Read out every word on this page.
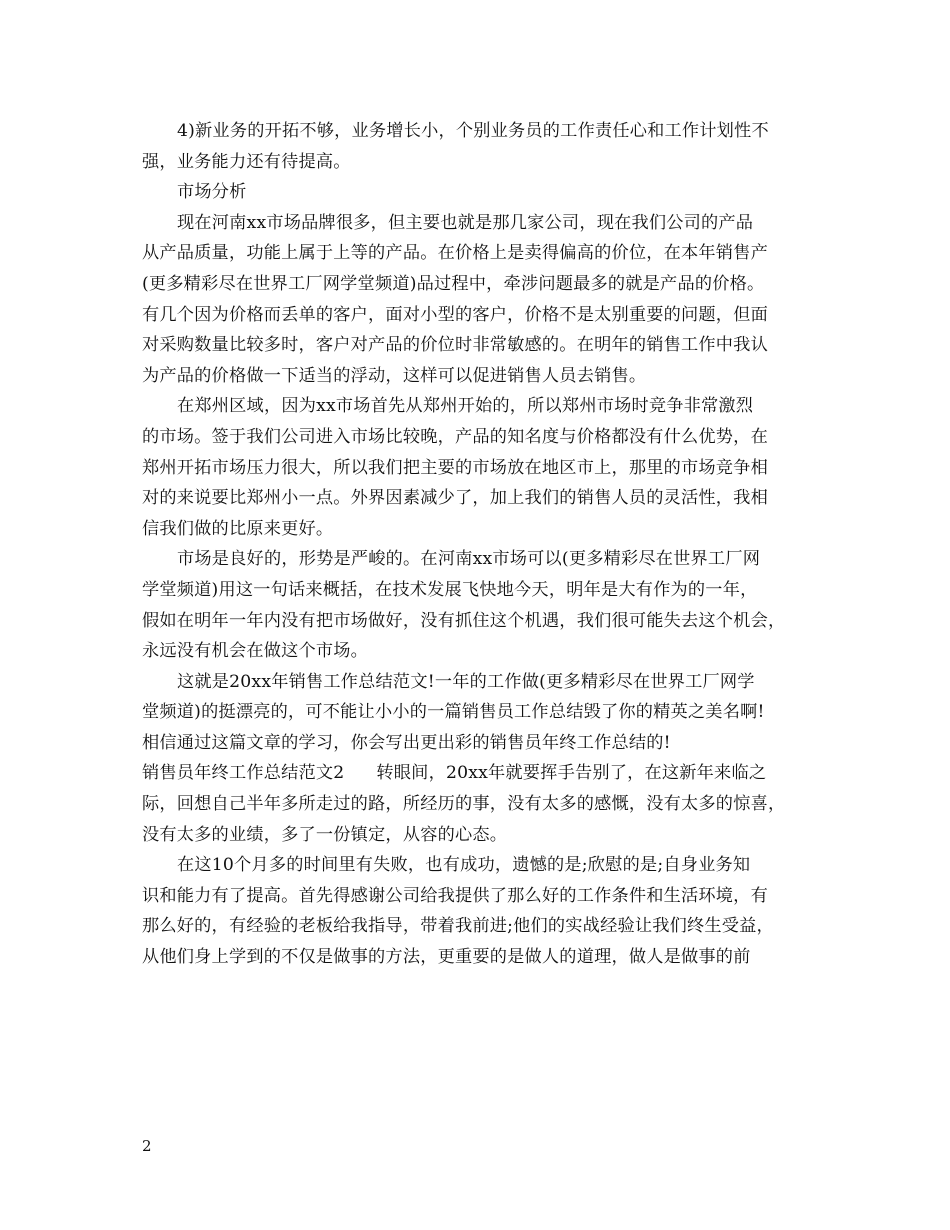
4)新业务的开拓不够，业务增长小，个别业务员的工作责任心和工作计划性不
强，业务能力还有待提高。
市场分析
现在河南xx市场品牌很多，但主要也就是那几家公司，现在我们公司的产品
从产品质量，功能上属于上等的产品。在价格上是卖得偏高的价位，在本年销售产
(更多精彩尽在世界工厂网学堂频道)品过程中，牵涉问题最多的就是产品的价格。
有几个因为价格而丢单的客户，面对小型的客户，价格不是太别重要的问题，但面
对采购数量比较多时，客户对产品的价位时非常敏感的。在明年的销售工作中我认
为产品的价格做一下适当的浮动，这样可以促进销售人员去销售。
在郑州区域，因为xx市场首先从郑州开始的，所以郑州市场时竞争非常激烈
的市场。签于我们公司进入市场比较晚，产品的知名度与价格都没有什么优势，在
郑州开拓市场压力很大，所以我们把主要的市场放在地区市上，那里的市场竞争相
对的来说要比郑州小一点。外界因素减少了，加上我们的销售人员的灵活性，我相
信我们做的比原来更好。
市场是良好的，形势是严峻的。在河南xx市场可以(更多精彩尽在世界工厂网
学堂频道)用这一句话来概括，在技术发展飞快地今天，明年是大有作为的一年，
假如在明年一年内没有把市场做好，没有抓住这个机遇，我们很可能失去这个机会，
永远没有机会在做这个市场。
这就是20xx年销售工作总结范文!一年的工作做(更多精彩尽在世界工厂网学
堂频道)的挺漂亮的，可不能让小小的一篇销售员工作总结毁了你的精英之美名啊!
相信通过这篇文章的学习，你会写出更出彩的销售员年终工作总结的!
销售员年终工作总结范文2 转眼间，20xx年就要挥手告别了，在这新年来临之
际，回想自己半年多所走过的路，所经历的事，没有太多的感慨，没有太多的惊喜，
没有太多的业绩，多了一份镇定，从容的心态。
在这10个月多的时间里有失败，也有成功，遗憾的是;欣慰的是;自身业务知
识和能力有了提高。首先得感谢公司给我提供了那么好的工作条件和生活环境，有
那么好的，有经验的老板给我指导，带着我前进;他们的实战经验让我们终生受益，
从他们身上学到的不仅是做事的方法，更重要的是做人的道理，做人是做事的前
2
